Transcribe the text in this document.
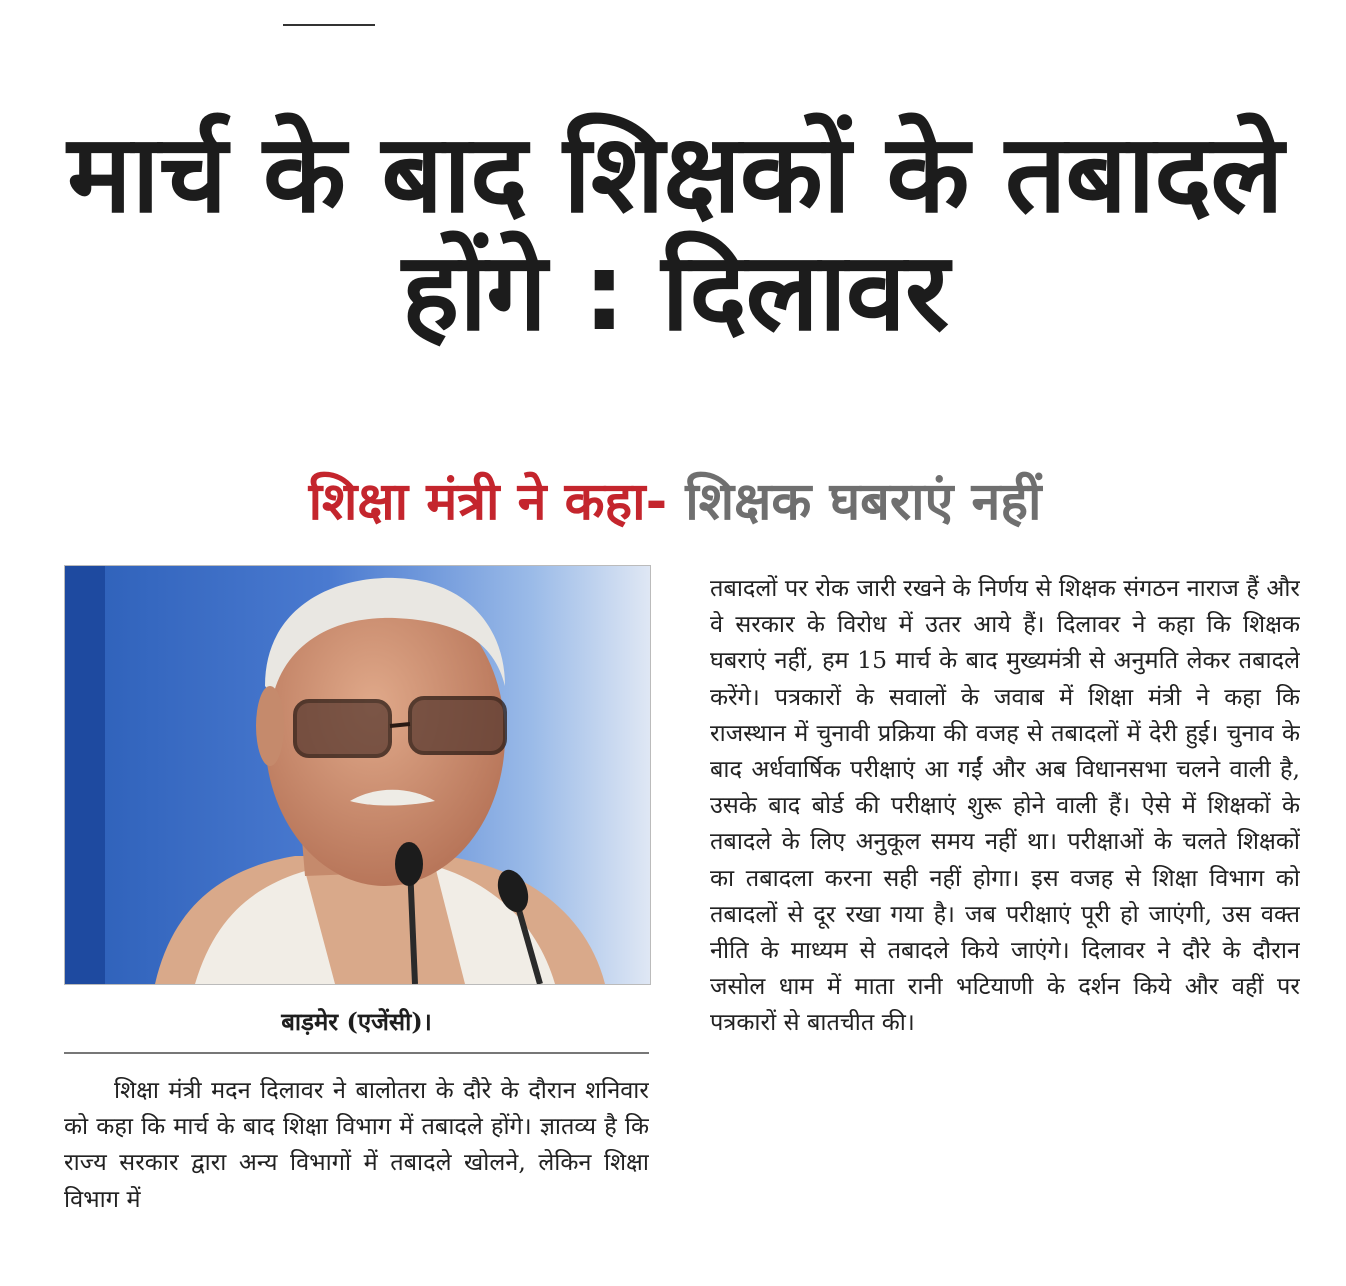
मार्च के बाद शिक्षकों के तबादले होंगे : दिलावर
शिक्षा मंत्री ने कहा- शिक्षक घबराएं नहीं
बाड़मेर (एजेंसी)।
शिक्षा मंत्री मदन दिलावर ने बालोतरा के दौरे के दौरान शनिवार को कहा कि मार्च के बाद शिक्षा विभाग में तबादले होंगे। ज्ञातव्य है कि राज्य सरकार द्वारा अन्य विभागों में तबादले खोलने, लेकिन शिक्षा विभाग में
तबादलों पर रोक जारी रखने के निर्णय से शिक्षक संगठन नाराज हैं और वे सरकार के विरोध में उतर आये हैं। दिलावर ने कहा कि शिक्षक घबराएं नहीं, हम 15 मार्च के बाद मुख्यमंत्री से अनुमति लेकर तबादले करेंगे। पत्रकारों के सवालों के जवाब में शिक्षा मंत्री ने कहा कि राजस्थान में चुनावी प्रक्रिया की वजह से तबादलों में देरी हुई। चुनाव के बाद अर्धवार्षिक परीक्षाएं आ गईं और अब विधानसभा चलने वाली है, उसके बाद बोर्ड की परीक्षाएं शुरू होने वाली हैं। ऐसे में शिक्षकों के तबादले के लिए अनुकूल समय नहीं था। परीक्षाओं के चलते शिक्षकों का तबादला करना सही नहीं होगा। इस वजह से शिक्षा विभाग को तबादलों से दूर रखा गया है। जब परीक्षाएं पूरी हो जाएंगी, उस वक्त नीति के माध्यम से तबादले किये जाएंगे। दिलावर ने दौरे के दौरान जसोल धाम में माता रानी भटियाणी के दर्शन किये और वहीं पर पत्रकारों से बातचीत की।
